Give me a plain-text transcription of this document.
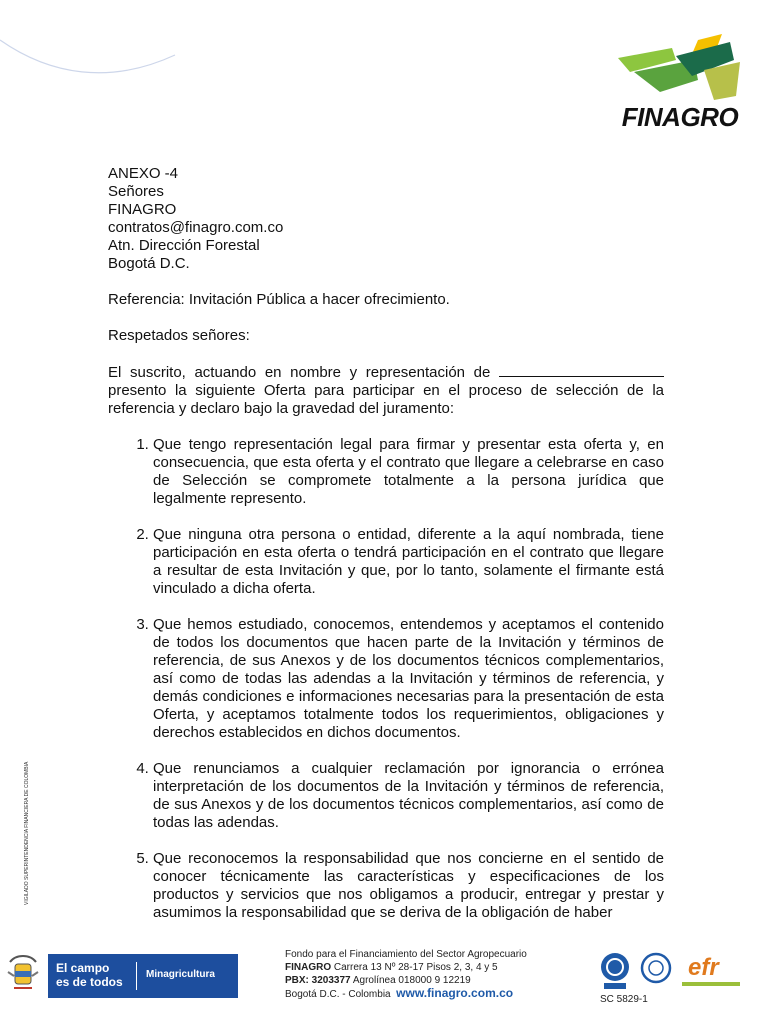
FINAGRO

ANEXO -4

Señores

FINAGRO

contratos@finagro.com.co

Atn. Dirección Forestal

Bogotá D.C.

Referencia: Invitación Pública a hacer ofrecimiento.

Respetados señores:

El suscrito, actuando en nombre y representación de  presento la siguiente Oferta para participar en el proceso de selección de la referencia y declaro bajo la gravedad del juramento:

1. Que tengo representación legal para firmar y presentar esta oferta y, en consecuencia, que esta oferta y el contrato que llegare a celebrarse en caso de Selección se compromete totalmente a la persona jurídica que legalmente represento.
2. Que ninguna otra persona o entidad, diferente a la aquí nombrada, tiene participación en esta oferta o tendrá participación en el contrato que llegare a resultar de esta Invitación y que, por lo tanto, solamente el firmante está vinculado a dicha oferta.
3. Que hemos estudiado, conocemos, entendemos y aceptamos el contenido de todos los documentos que hacen parte de la Invitación y términos de referencia, de sus Anexos y de los documentos técnicos complementarios, así como de todas las adendas a la Invitación y términos de referencia, y demás condiciones e informaciones necesarias para la presentación de esta Oferta, y aceptamos totalmente todos los requerimientos, obligaciones y derechos establecidos en dichos documentos.
4. Que renunciamos a cualquier reclamación por ignorancia o errónea interpretación de los documentos de la Invitación y términos de referencia, de sus Anexos y de los documentos técnicos complementarios, así como de todas las adendas.
5. Que reconocemos la responsabilidad que nos concierne en el sentido de conocer técnicamente las características y especificaciones de los productos y servicios que nos obligamos a producir, entregar y prestar y asumimos la responsabilidad que se deriva de la obligación de haber
VIGILADO SUPERINTENDENCIA FINANCIERA DE COLOMBIA
El campo
es de todos
Minagricultura
Fondo para el Financiamiento del Sector Agropecuario
FINAGRO Carrera 13 Nº 28-17 Pisos 2, 3, 4 y 5
PBX: 3203377 Agrolínea 018000 9 12219
Bogotá D.C. - Colombia www.finagro.com.co
efr
SC 5829-1
